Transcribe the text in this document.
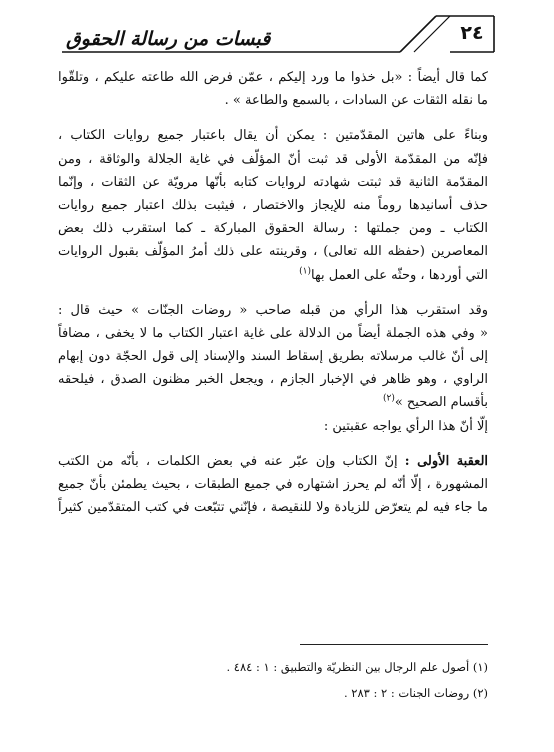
٢٤
قبسات من رسالة الحقوق
كما قال أيضاً : «بل خذوا ما ورد إليكم ، عمّن فرض الله طاعته عليكم ، وتلقّوا
ما نقله الثقات عن السادات ، بالسمع والطاعة » .
وبناءً على هاتين المقدّمتين : يمكن أن يقال باعتبار جميع روايات الكتاب ،
فإنّه من المقدّمة الأولى قد ثبت أنّ المؤلّف في غاية الجلالة والوثاقة ، ومن
المقدّمة الثانية قد ثبتت شهادته لروايات كتابه بأنّها مرويّة عن الثقات ، وإنّما
حذف أسانيدها روماً منه للإيجاز والاختصار ، فيثبت بذلك اعتبار جميع روايات
الكتاب ـ ومن جملتها : رسالة الحقوق المباركة ـ كما استقرب ذلك بعض
المعاصرين (حفظه الله تعالى) ، وقرينته على ذلك أمرُ المؤلّف بقبول الروايات
التي أوردها ، وحثّه على العمل بها$^{(١)}$
وقد استقرب هذا الرأي من قبله صاحب « روضات الجنّات » حيث قال :
« وفي هذه الجملة أيضاً من الدلالة على غاية اعتبار الكتاب ما لا يخفى ، مضافاً
إلى أنّ غالب مرسلاته بطريق إسقاط السند والإسناد إلى قول الحجّة دون إبهام
الراوي ، وهو ظاهر في الإخبار الجازم ، ويجعل الخبر مظنون الصدق ، فيلحقه
بأقسام الصحيح »$^{(٢)}$
إلّا أنّ هذا الرأي يواجه عقبتين :
العقبة الأولى : إنّ الكتاب وإن عبّر عنه في بعض الكلمات ، بأنّه من الكتب
المشهورة ، إلّا أنّه لم يحرز اشتهاره في جميع الطبقات ، بحيث يطمئن بأنّ جميع
ما جاء فيه لم يتعرّض للزيادة ولا للنقيصة ، فإنّني تتبّعت في كتب المتقدّمين كثيراً
(١) أصول علم الرجال بين النظريّة والتطبيق : ١ : ٤٨٤ .
(٢) روضات الجنات : ٢ : ٢٨٣ .
